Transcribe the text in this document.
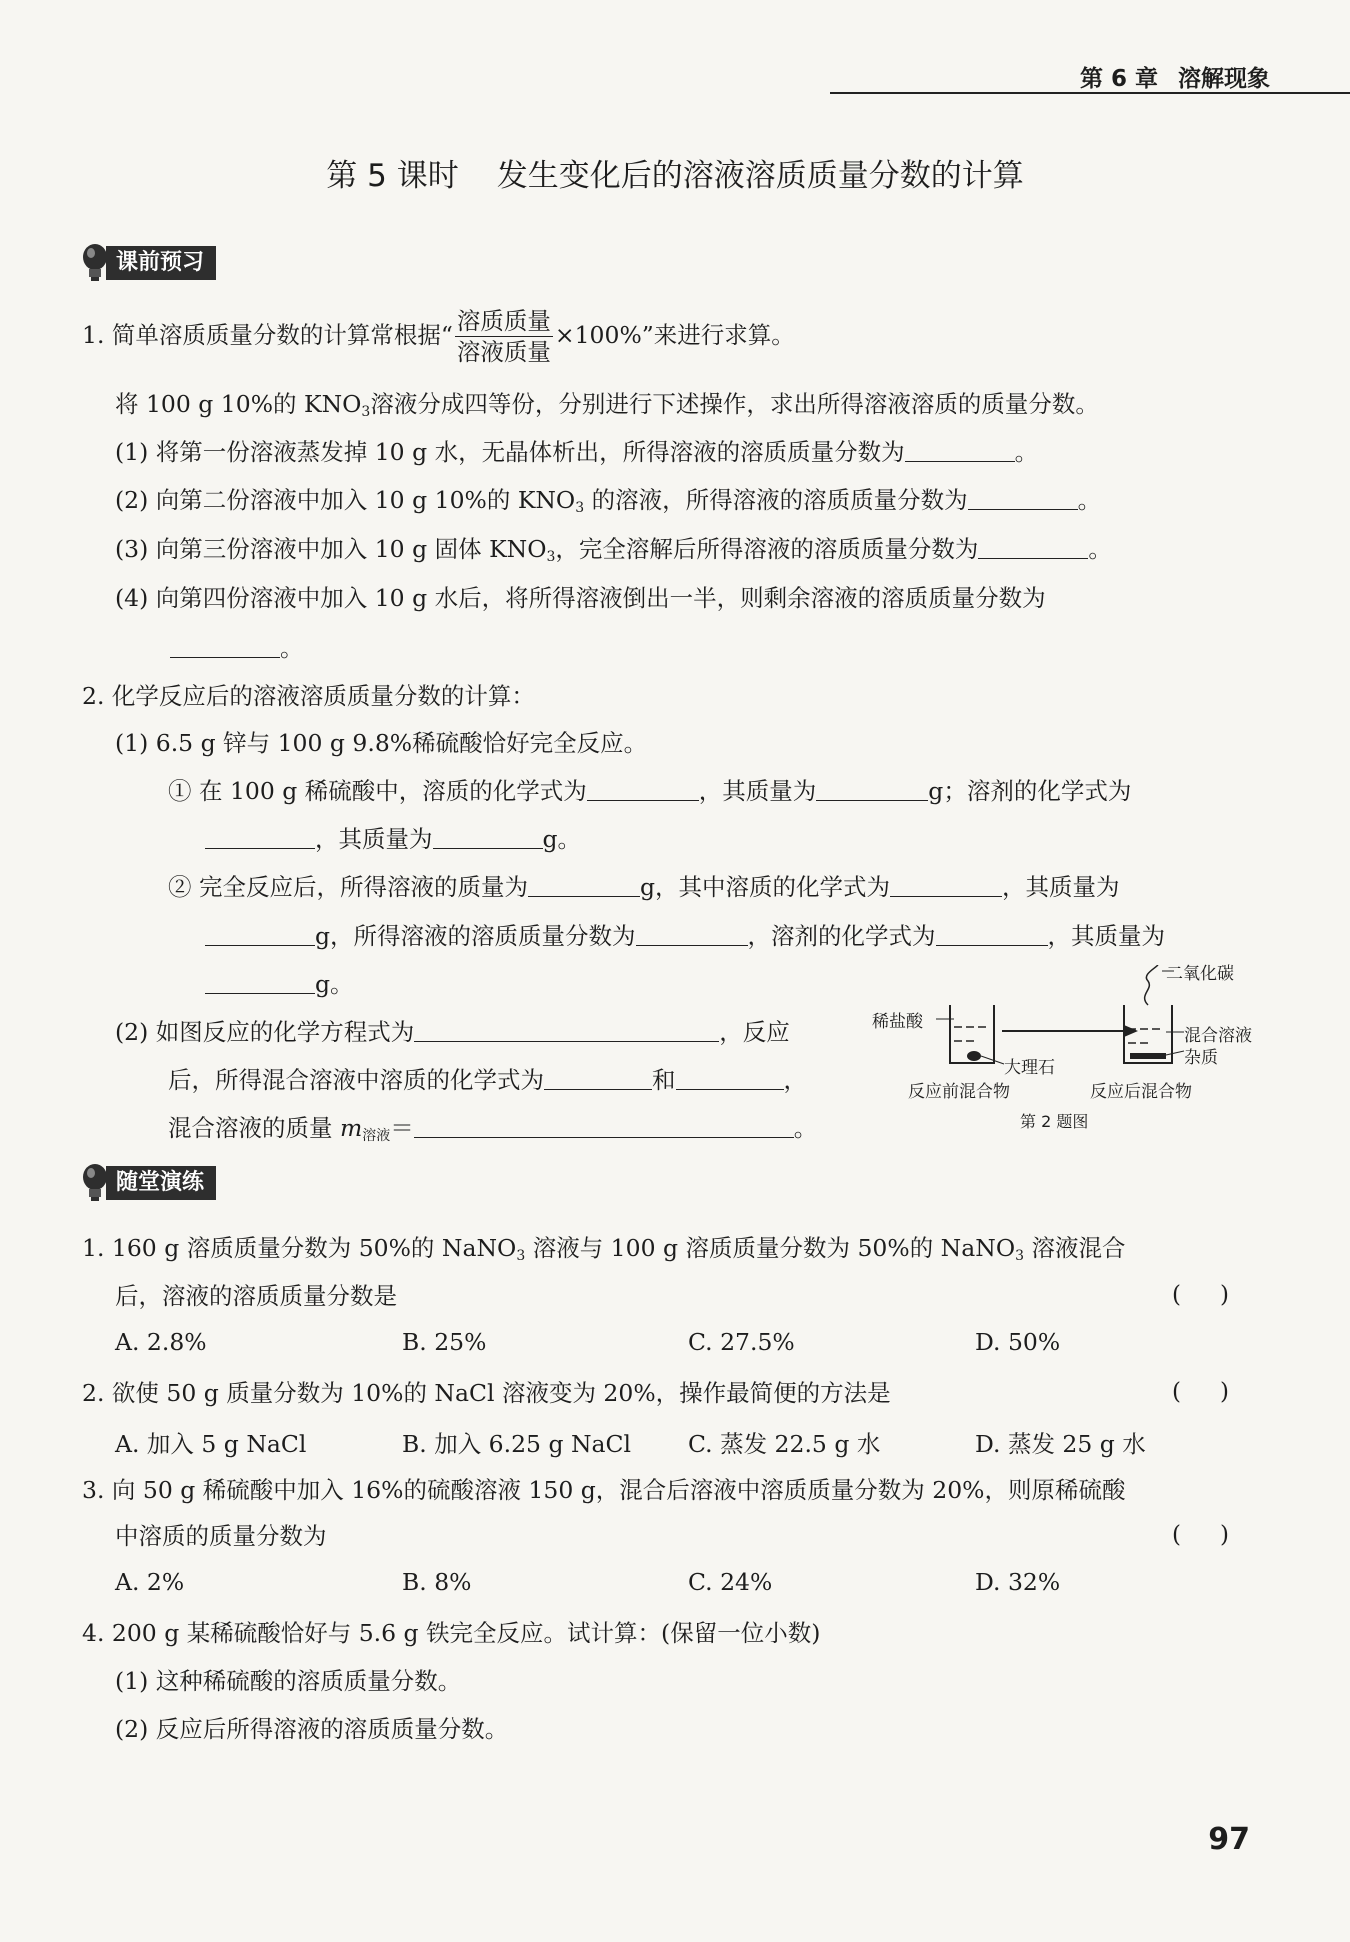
第 6 章 溶解现象
第 5 课时 发生变化后的溶液溶质质量分数的计算
课前预习
1. 简单溶质质量分数的计算常根据“ $\frac{\text{溶质质量}}{\text{溶液质量}} \times 100\%$”来进行求算。
将 100 g 10%的 $KNO_3$溶液分成四等份，分别进行下述操作，求出所得溶液溶质的质量分数。
(1) 将第一份溶液蒸发掉 10 g 水，无晶体析出，所得溶液的溶质质量分数为	。
(2) 向第二份溶液中加入 10 g 10%的 $KNO_3$ 的溶液，所得溶液的溶质质量分数为	。
(3) 向第三份溶液中加入 10 g 固体 $KNO_3$，完全溶解后所得溶液的溶质质量分数为	。
(4) 向第四份溶液中加入 10 g 水后，将所得溶液倒出一半，则剩余溶液的溶质质量分数为
。
2. 化学反应后的溶液溶质质量分数的计算：
(1) 6.5 g 锌与 100 g 9.8%稀硫酸恰好完全反应。
① 在 100 g 稀硫酸中，溶质的化学式为	，其质量为	g；溶剂的化学式为
，其质量为	g。
② 完全反应后，所得溶液的质量为	g，其中溶质的化学式为	，其质量为
g，所得溶液的溶质质量分数为	，溶剂的化学式为	，其质量为
g。
(2) 如图反应的化学方程式为	，反应
后，所得混合溶液中溶质的化学式为	和	，
混合溶液的质量 $m_{溶液}=$	。
二氧化碳
稀盐酸
大理石
混合溶液
杂质
反应前混合物	反应后混合物
第 2 题图
随堂演练
1. 160 g 溶质质量分数为 50%的 NaNO$_3$ 溶液与 100 g 溶质质量分数为 50%的 NaNO$_3$ 溶液混合
后，溶液的溶质质量分数是	( )
A. 2.8%	B. 25%	C. 27.5%	D. 50%
2. 欲使 50 g 质量分数为 10%的 NaCl 溶液变为 20%，操作最简便的方法是	( )
A. 加入 5 g NaCl	B. 加入 6.25 g NaCl C. 蒸发 22.5 g 水	D. 蒸发 25 g 水
3. 向 50 g 稀硫酸中加入 16%的硫酸溶液 150 g，混合后溶液中溶质质量分数为 20%，则原稀硫酸
中溶质的质量分数为	( )
A. 2%	B. 8%	C. 24%	D. 32%
4. 200 g 某稀硫酸恰好与 5.6 g 铁完全反应。试计算：(保留一位小数)
(1) 这种稀硫酸的溶质质量分数。
(2) 反应后所得溶液的溶质质量分数。
97
